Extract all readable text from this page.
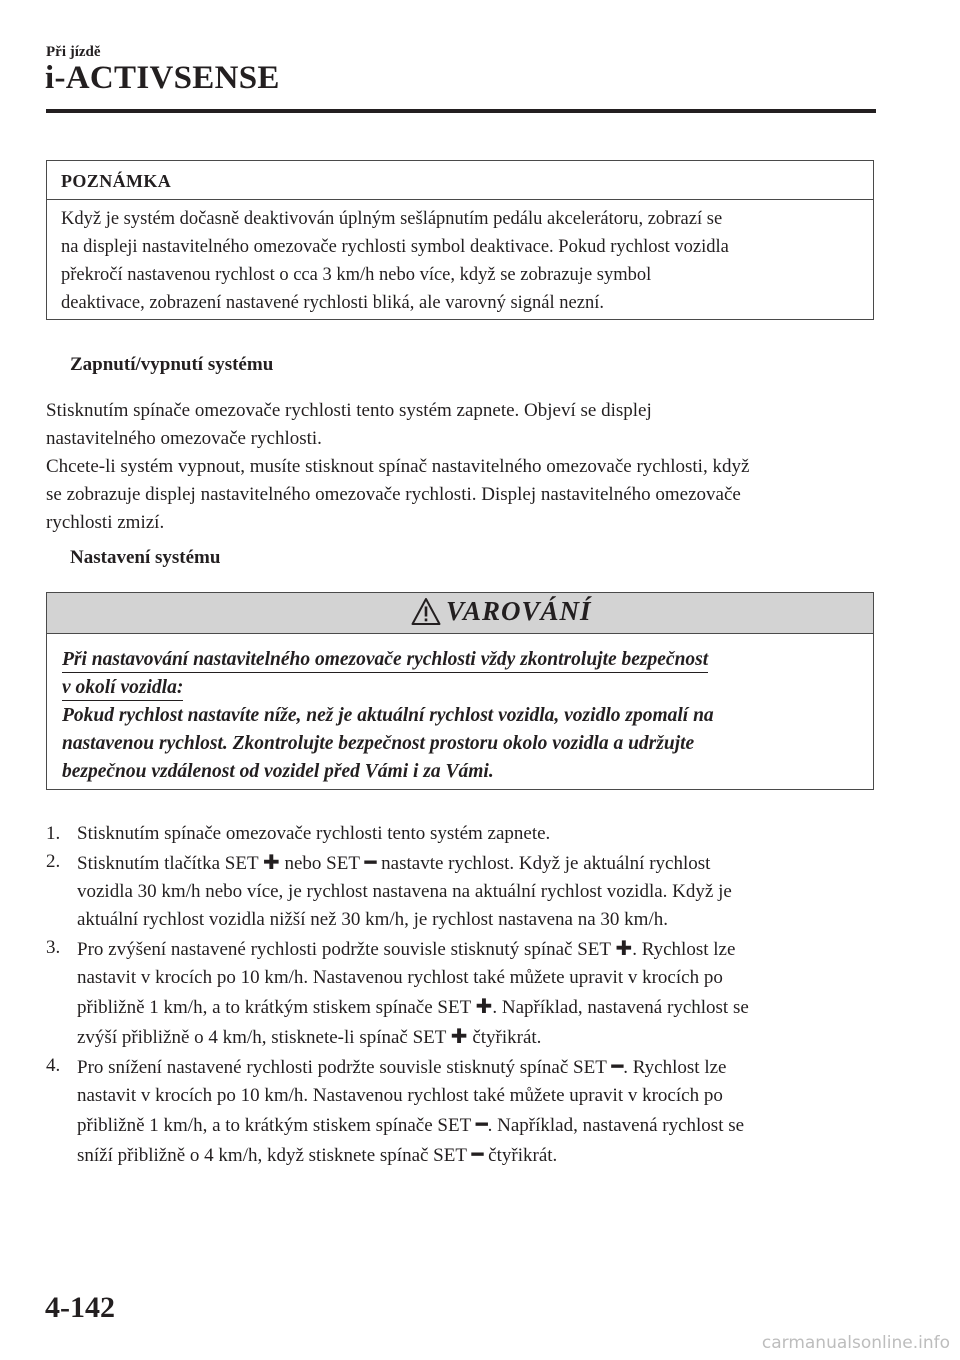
Při jízdě
i-ACTIVSENSE
POZNÁMKA
Když je systém dočasně deaktivován úplným sešlápnutím pedálu akcelerátoru, zobrazí se
na displeji nastavitelného omezovače rychlosti symbol deaktivace. Pokud rychlost vozidla
překročí nastavenou rychlost o cca 3 km/h nebo více, když se zobrazuje symbol
deaktivace, zobrazení nastavené rychlosti bliká, ale varovný signál nezní.
Zapnutí/vypnutí systému
Stisknutím spínače omezovače rychlosti tento systém zapnete. Objeví se displej
nastavitelného omezovače rychlosti.
Chcete-li systém vypnout, musíte stisknout spínač nastavitelného omezovače rychlosti, když
se zobrazuje displej nastavitelného omezovače rychlosti. Displej nastavitelného omezovače
rychlosti zmizí.
Nastavení systému
VAROVÁNÍ
Při nastavování nastavitelného omezovače rychlosti vždy zkontrolujte bezpečnost
v okolí vozidla:
Pokud rychlost nastavíte níže, než je aktuální rychlost vozidla, vozidlo zpomalí na
nastavenou rychlost. Zkontrolujte bezpečnost prostoru okolo vozidla a udržujte
bezpečnou vzdálenost od vozidel před Vámi i za Vámi.
1. Stisknutím spínače omezovače rychlosti tento systém zapnete.
2. Stisknutím tlačítka SET ✚ nebo SET ━ nastavte rychlost. Když je aktuální rychlost
vozidla 30 km/h nebo více, je rychlost nastavena na aktuální rychlost vozidla. Když je
aktuální rychlost vozidla nižší než 30 km/h, je rychlost nastavena na 30 km/h.
3. Pro zvýšení nastavené rychlosti podržte souvisle stisknutý spínač SET ✚. Rychlost lze
nastavit v krocích po 10 km/h. Nastavenou rychlost také můžete upravit v krocích po
přibližně 1 km/h, a to krátkým stiskem spínače SET ✚. Například, nastavená rychlost se
zvýší přibližně o 4 km/h, stisknete-li spínač SET ✚ čtyřikrát.
4. Pro snížení nastavené rychlosti podržte souvisle stisknutý spínač SET ━. Rychlost lze
nastavit v krocích po 10 km/h. Nastavenou rychlost také můžete upravit v krocích po
přibližně 1 km/h, a to krátkým stiskem spínače SET ━. Například, nastavená rychlost se
sníží přibližně o 4 km/h, když stisknete spínač SET ━ čtyřikrát.
4-142
carmanualsonline.info
